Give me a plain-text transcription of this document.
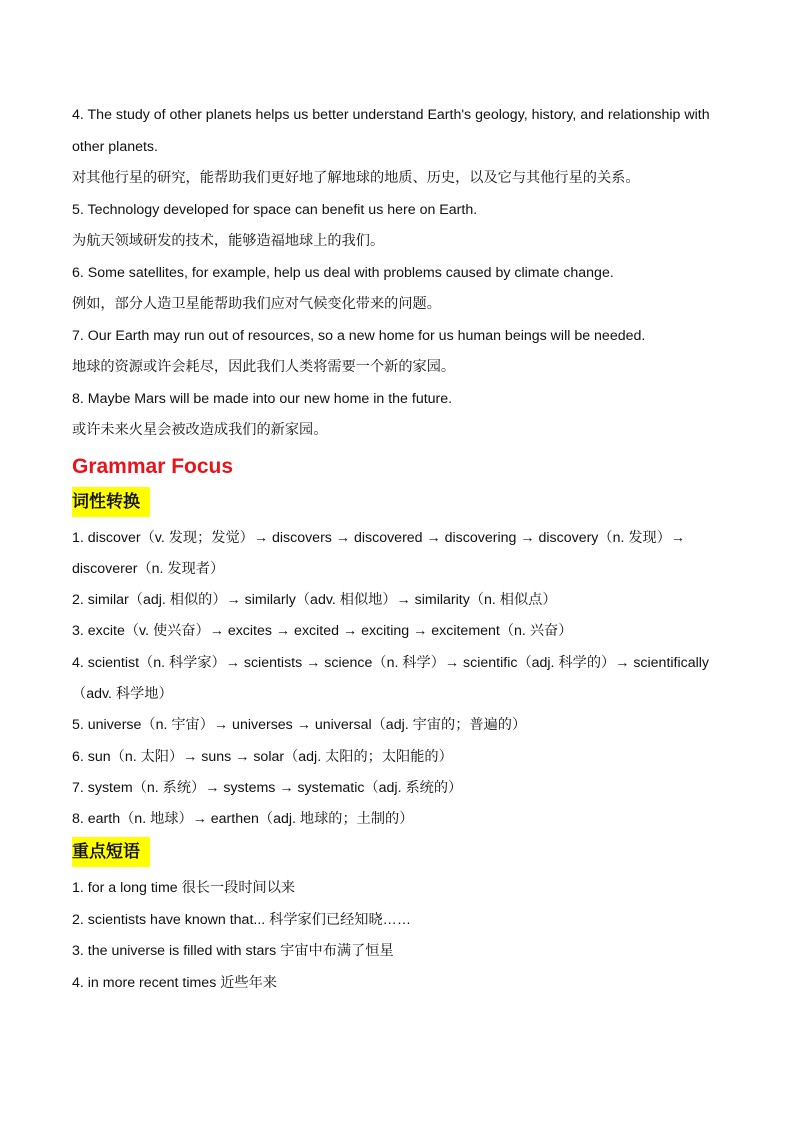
4. The study of other planets helps us better understand Earth's geology, history, and relationship with other planets.
对其他行星的研究，能帮助我们更好地了解地球的地质、历史，以及它与其他行星的关系。
5. Technology developed for space can benefit us here on Earth.
为航天领域研发的技术，能够造福地球上的我们。
6. Some satellites, for example, help us deal with problems caused by climate change.
例如，部分人造卫星能帮助我们应对气候变化带来的问题。
7. Our Earth may run out of resources, so a new home for us human beings will be needed.
地球的资源或许会耗尽，因此我们人类将需要一个新的家园。
8. Maybe Mars will be made into our new home in the future.
或许未来火星会被改造成我们的新家园。
Grammar Focus
词性转换
1. discover（v. 发现；发觉）→ discovers → discovered → discovering → discovery（n. 发现）→ discoverer（n. 发现者）
2. similar（adj. 相似的）→ similarly（adv. 相似地）→ similarity（n. 相似点）
3. excite（v. 使兴奋）→ excites → excited → exciting → excitement（n. 兴奋）
4. scientist（n. 科学家）→ scientists → science（n. 科学）→ scientific（adj. 科学的）→ scientifically（adv. 科学地）
5. universe（n. 宇宙）→ universes → universal（adj. 宇宙的；普遍的）
6. sun（n. 太阳）→ suns → solar（adj. 太阳的；太阳能的）
7. system（n. 系统）→ systems → systematic（adj. 系统的）
8. earth（n. 地球）→ earthen（adj. 地球的；土制的）
重点短语
1. for a long time 很长一段时间以来
2. scientists have known that... 科学家们已经知晓……
3. the universe is filled with stars 宇宙中布满了恒星
4. in more recent times 近些年来
